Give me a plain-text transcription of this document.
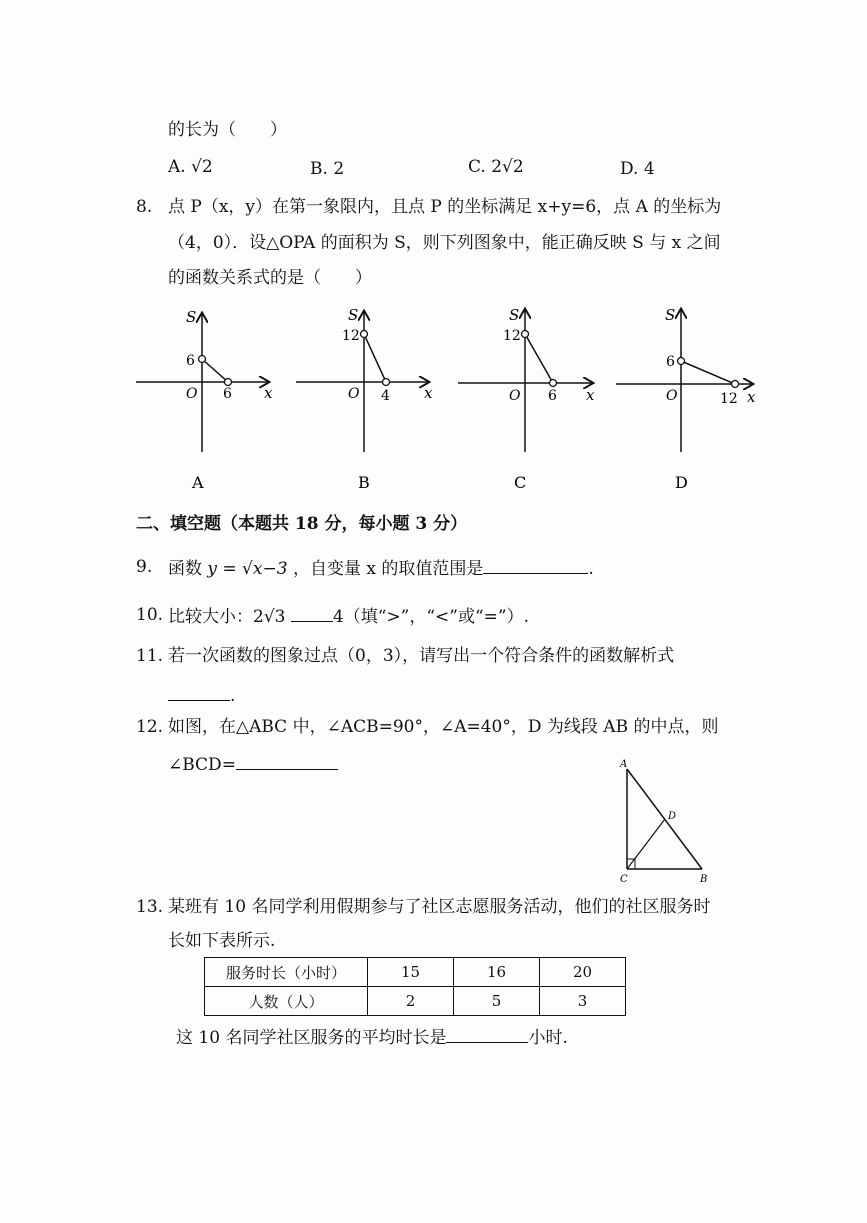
的长为（　　）
A. √2	B. 2	C. 2√2	D. 4
8. 点 P（x，y）在第一象限内，且点 P 的坐标满足 x+y=6，点 A 的坐标为
（4，0）．设△OPA 的面积为 S，则下列图象中，能正确反映 S 与 x 之间
的函数关系式的是（　　）
S
6
O 6 x
S
12
O 4 x
S
12
O 6 x
S
6
O	12 x
A	B	C	D
二、填空题（本题共 18 分，每小题 3 分）
9. 函数 y = √x−3 ，自变量 x 的取值范围是	.
10. 比较大小：2√3	4（填“>”，“<”或“=”）.
11. 若一次函数的图象过点（0，3），请写出一个符合条件的函数解析式
.
12. 如图，在△ABC 中，∠ACB=90°，∠A=40°，D 为线段 AB 的中点，则
∠BCD=	A
D
C	B
13. 某班有 10 名同学利用假期参与了社区志愿服务活动，他们的社区服务时
长如下表所示.
服务时长（小时）	15	16	20
人数（人）	2	5	3
这 10 名同学社区服务的平均时长是	小时.
